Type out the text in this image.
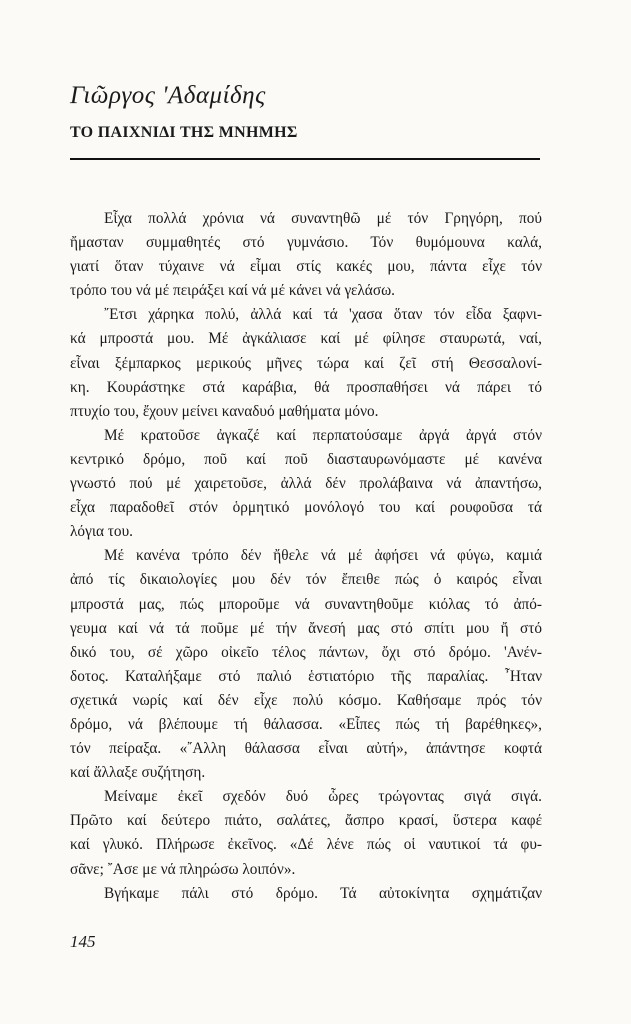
Γιῶργος 'Αδαμίδης
ΤΟ ΠΑΙΧΝΙΔΙ ΤΗΣ ΜΝΗΜΗΣ
Εἶχα πολλά χρόνια νά συναντηθῶ μέ τόν Γρηγόρη, πού
ἤμασταν συμμαθητές στό γυμνάσιο. Τόν θυμόμουνα καλά,
γιατί ὅταν τύχαινε νά εἶμαι στίς κακές μου, πάντα εἶχε τόν
τρόπο του νά μέ πειράξει καί νά μέ κάνει νά γελάσω.
῎Ετσι χάρηκα πολύ, ἀλλά καί τά 'χασα ὅταν τόν εἶδα ξαφνι-
κά μπροστά μου. Μέ ἀγκάλιασε καί μέ φίλησε σταυρωτά, ναί,
εἶναι ξέμπαρκος μερικούς μῆνες τώρα καί ζεῖ στή Θεσσαλονί-
κη. Κουράστηκε στά καράβια, θά προσπαθήσει νά πάρει τό
πτυχίο του, ἔχουν μείνει καναδυό μαθήματα μόνο.
Μέ κρατοῦσε ἀγκαζέ καί περπατούσαμε ἀργά ἀργά στόν
κεντρικό δρόμο, ποῦ καί ποῦ διασταυρωνόμαστε μέ κανένα
γνωστό πού μέ χαιρετοῦσε, ἀλλά δέν προλάβαινα νά ἀπαντήσω,
εἶχα παραδοθεῖ στόν ὁρμητικό μονόλογό του καί ρουφοῦσα τά
λόγια του.
Μέ κανένα τρόπο δέν ἤθελε νά μέ ἀφήσει νά φύγω, καμιά
ἀπό τίς δικαιολογίες μου δέν τόν ἔπειθε πώς ὁ καιρός εἶναι
μπροστά μας, πώς μποροῦμε νά συναντηθοῦμε κιόλας τό ἀπό-
γευμα καί νά τά ποῦμε μέ τήν ἄνεσή μας στό σπίτι μου ἤ στό
δικό του, σέ χῶρο οἰκεῖο τέλος πάντων, ὄχι στό δρόμο. 'Ανέν-
δοτος. Καταλήξαμε στό παλιό ἑστιατόριο τῆς παραλίας. ῏Ηταν
σχετικά νωρίς καί δέν εἶχε πολύ κόσμο. Καθήσαμε πρός τόν
δρόμο, νά βλέπουμε τή θάλασσα. «Εἶπες πώς τή βαρέθηκες»,
τόν πείραξα. «῎Αλλη θάλασσα εἶναι αὐτή», ἀπάντησε κοφτά
καί ἄλλαξε συζήτηση.
Μείναμε ἐκεῖ σχεδόν δυό ὧρες τρώγοντας σιγά σιγά.
Πρῶτο καί δεύτερο πιάτο, σαλάτες, ἄσπρο κρασί, ὕστερα καφέ
καί γλυκό. Πλήρωσε ἐκεῖνος. «Δέ λένε πώς οἱ ναυτικοί τά φυ-
σᾶνε; ῎Ασε με νά πληρώσω λοιπόν».
Βγήκαμε πάλι στό δρόμο. Τά αὐτοκίνητα σχημάτιζαν
145
